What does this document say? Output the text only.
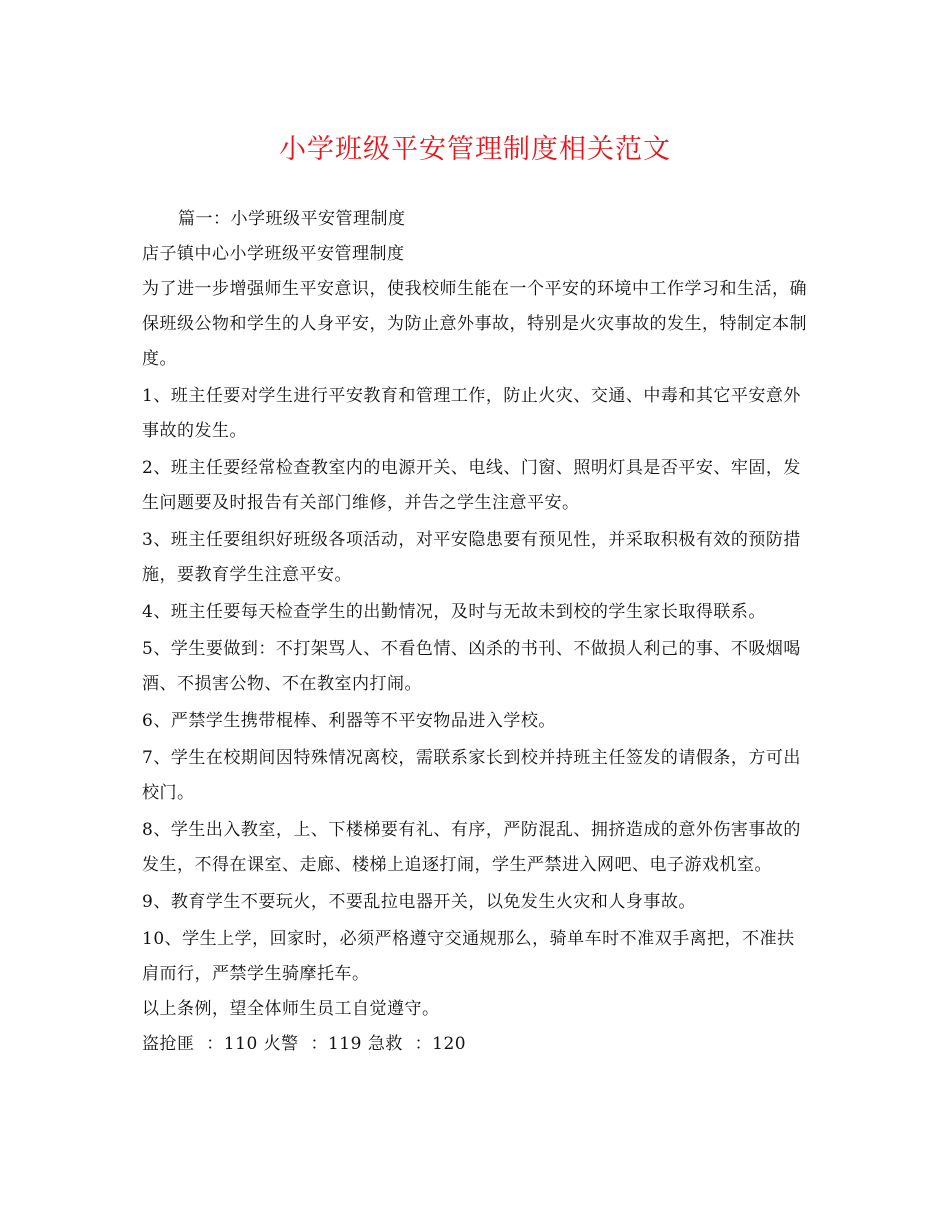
小学班级平安管理制度相关范文

篇一：小学班级平安管理制度

店子镇中心小学班级平安管理制度

为了进一步增强师生平安意识，使我校师生能在一个平安的环境中工作学习和生活，确保班级公物和学生的人身平安，为防止意外事故，特别是火灾事故的发生，特制定本制度。

1、班主任要对学生进行平安教育和管理工作，防止火灾、交通、中毒和其它平安意外事故的发生。

2、班主任要经常检查教室内的电源开关、电线、门窗、照明灯具是否平安、牢固，发生问题要及时报告有关部门维修，并告之学生注意平安。

3、班主任要组织好班级各项活动，对平安隐患要有预见性，并采取积极有效的预防措施，要教育学生注意平安。

4、班主任要每天检查学生的出勤情况，及时与无故未到校的学生家长取得联系。

5、学生要做到：不打架骂人、不看色情、凶杀的书刊、不做损人利己的事、不吸烟喝酒、不损害公物、不在教室内打闹。

6、严禁学生携带棍棒、利器等不平安物品进入学校。

7、学生在校期间因特殊情况离校，需联系家长到校并持班主任签发的请假条，方可出校门。

8、学生出入教室，上、下楼梯要有礼、有序，严防混乱、拥挤造成的意外伤害事故的发生，不得在课室、走廊、楼梯上追逐打闹，学生严禁进入网吧、电子游戏机室。

9、教育学生不要玩火，不要乱拉电器开关，以免发生火灾和人身事故。

10、学生上学，回家时，必须严格遵守交通规那么，骑单车时不准双手离把，不准扶肩而行，严禁学生骑摩托车。

以上条例，望全体师生员工自觉遵守。

盗抢匪  ：110 火警  ：119 急救  ：120
